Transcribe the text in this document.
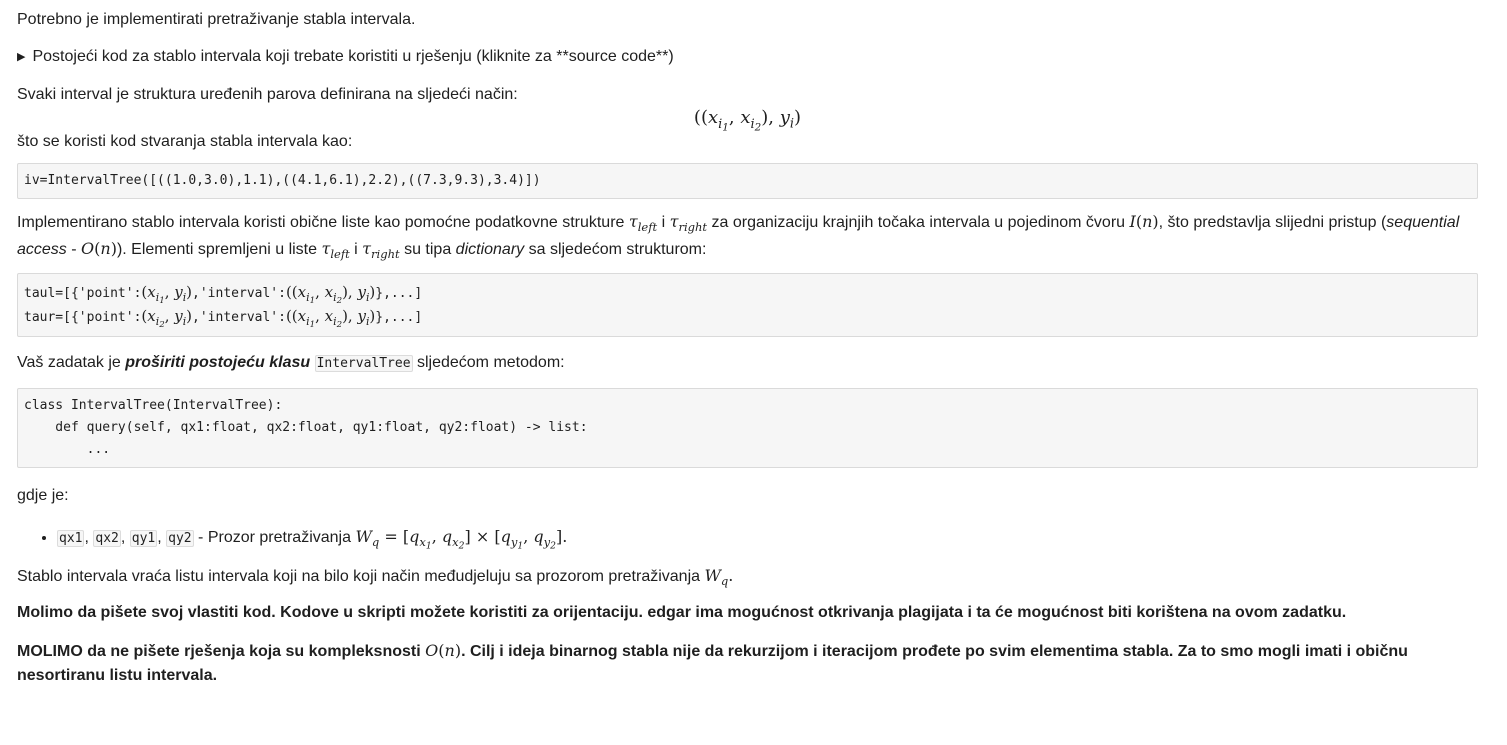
Potrebno je implementirati pretraživanje stabla intervala.

▶ Postojeći kod za stablo intervala koji trebate koristiti u rješenju (kliknite za **source code**)

Svaki interval je struktura uređenih parova definirana na sljedeći način:

(($x_{i_1}$, $x_{i_2}$), $y_i$)

što se koristi kod stvaranja stabla intervala kao:

iv=IntervalTree([((1.0,3.0),1.1),((4.1,6.1),2.2),((7.3,9.3),3.4)])

Implementirano stablo intervala koristi obične liste kao pomoćne podatkovne strukture $\tau_{left}$ i $\tau_{right}$ za organizaciju krajnjih točaka intervala u pojedinom čvoru I(n), što predstavlja slijedni pristup (sequential access - O(n)). Elementi spremljeni u liste $\tau_{left}$ i $\tau_{right}$ su tipa dictionary sa sljedećom strukturom:

$taul=[\{'point':(x_{i_1}$, $y_i),'interval':((x_{i_1}$, $x_{i_2}$), $y_i$)},...]
$taur=[\{'point':(x_{i_2}$, $y_i),'interval':((x_{i_1}$, $x_{i_2}$), $y_i$)},...]

Vaš zadatak je proširiti postojeću klasu IntervalTree sljedećom metodom:

class IntervalTree(IntervalTree):
def query(self, qx1:float, qx2:float, qy1:float, qy2:float) -> list:
...

gdje je:

• qx1 , qx2 , qy1 , qy2 - Prozor pretraživanja $W_q = [q_{x_1}$, $q_{x_2}] \times [q_{y_1}$, $q_{y_2}$].

Stablo intervala vraća listu intervala koji na bilo koji način međudjeluju sa prozorom pretraživanja $W_q$.

Molimo da pišete svoj vlastiti kod. Kodove u skripti možete koristiti za orijentaciju. edgar ima mogućnost otkrivanja plagijata i ta će mogućnost biti korištena na ovom zadatku.

MOLIMO da ne pišete rješenja koja su kompleksnosti O(n). Cilj i ideja binarnog stabla nije da rekurzijom i iteracijom prođete po svim elementima stabla. Za to smo mogli imati i običnu nesortiranu listu intervala.
